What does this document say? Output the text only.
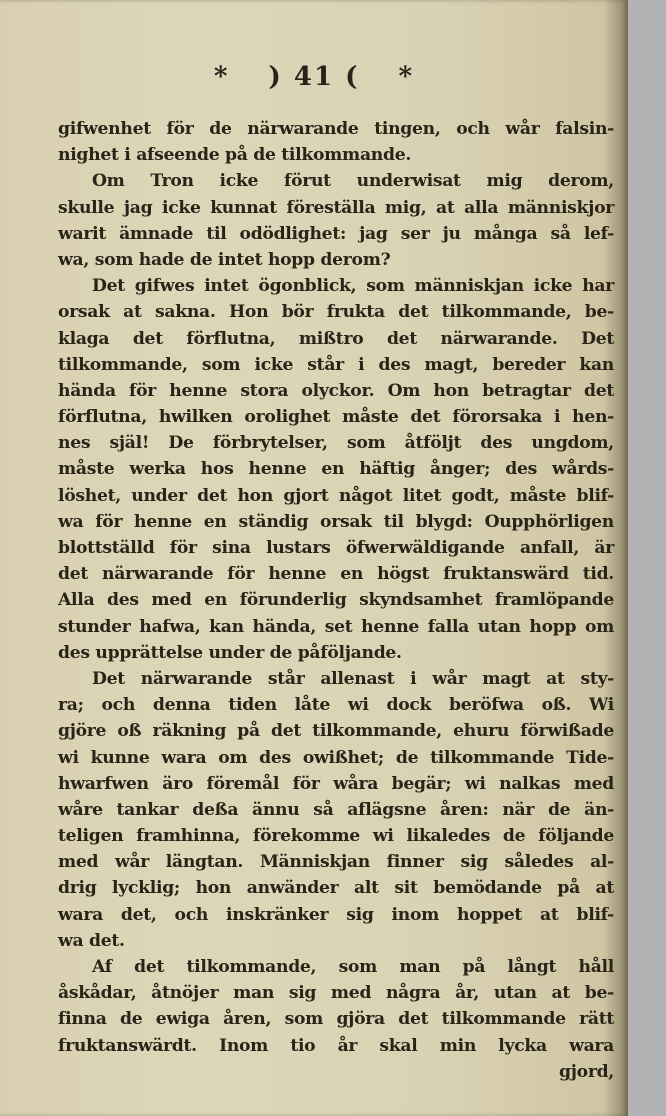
* ) 41 ( *
gifwenhet för de närwarande tingen, och wår falsin-
nighet i afseende på de tilkommande.
Om Tron icke förut underwisat mig derom,
skulle jag icke kunnat föreställa mig, at alla människjor
warit ämnade til odödlighet: jag ser ju många så lef-
wa, som hade de intet hopp derom?
Det gifwes intet ögonblick, som människjan icke har
orsak at sakna. Hon bör frukta det tilkommande, be-
klaga det förflutna, mißtro det närwarande. Det
tilkommande, som icke står i des magt, bereder kan
hända för henne stora olyckor. Om hon betragtar det
förflutna, hwilken orolighet måste det förorsaka i hen-
nes själ! De förbrytelser, som åtföljt des ungdom,
måste werka hos henne en häftig ånger; des wårds-
löshet, under det hon gjort något litet godt, måste blif-
wa för henne en ständig orsak til blygd: Oupphörligen
blottställd för sina lustars öfwerwäldigande anfall, är
det närwarande för henne en högst fruktanswärd tid.
Alla des med en förunderlig skyndsamhet framlöpande
stunder hafwa, kan hända, set henne falla utan hopp om
des upprättelse under de påföljande.
Det närwarande står allenast i wår magt at sty-
ra; och denna tiden låte wi dock beröfwa oß. Wi
gjöre oß räkning på det tilkommande, ehuru förwißade
wi kunne wara om des owißhet; de tilkommande Tide-
hwarfwen äro föremål för wåra begär; wi nalkas med
wåre tankar deßa ännu så aflägsne åren: när de än-
teligen framhinna, förekomme wi likaledes de följande
med wår längtan. Människjan finner sig således al-
drig lycklig; hon anwänder alt sit bemödande på at
wara det, och inskränker sig inom hoppet at blif-
wa det.
Af det tilkommande, som man på långt håll
åskådar, åtnöjer man sig med några år, utan at be-
finna de ewiga åren, som gjöra det tilkommande rätt
fruktanswärdt. Inom tio år skal min lycka wara
gjord,
